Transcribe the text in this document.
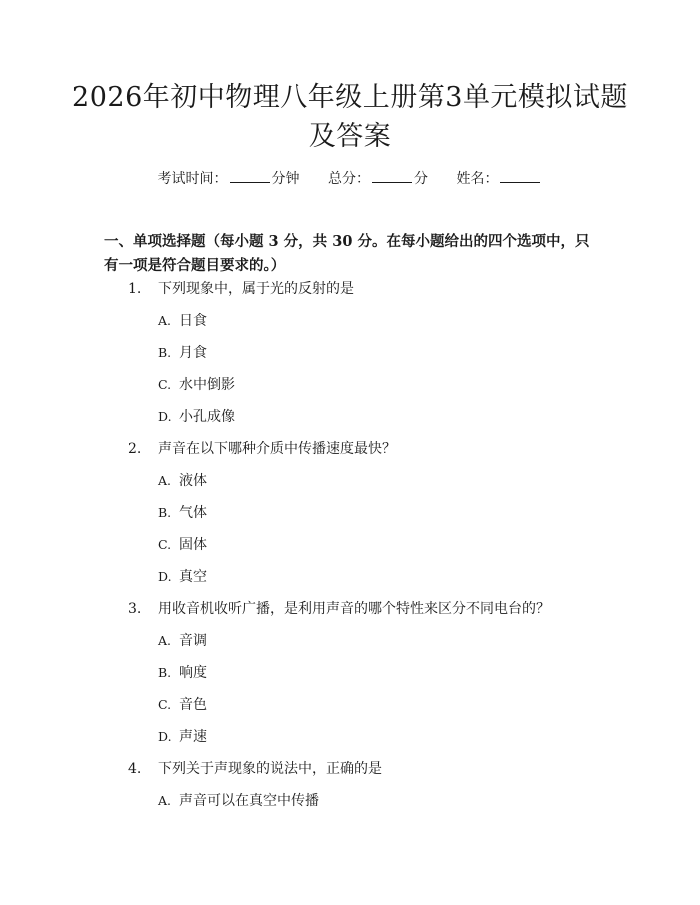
2026年初中物理八年级上册第3单元模拟试题及答案
考试时间：	分钟 总分：	分 姓名：
一、单项选择题（每小题 3 分，共 30 分。在每小题给出的四个选项中，只有一项是符合题目要求的。）
1. 下列现象中，属于光的反射的是
A. 日食
B. 月食
C. 水中倒影
D. 小孔成像
2. 声音在以下哪种介质中传播速度最快？
A. 液体
B. 气体
C. 固体
D. 真空
3. 用收音机收听广播，是利用声音的哪个特性来区分不同电台的？
A. 音调
B. 响度
C. 音色
D. 声速
4. 下列关于声现象的说法中，正确的是
A. 声音可以在真空中传播
